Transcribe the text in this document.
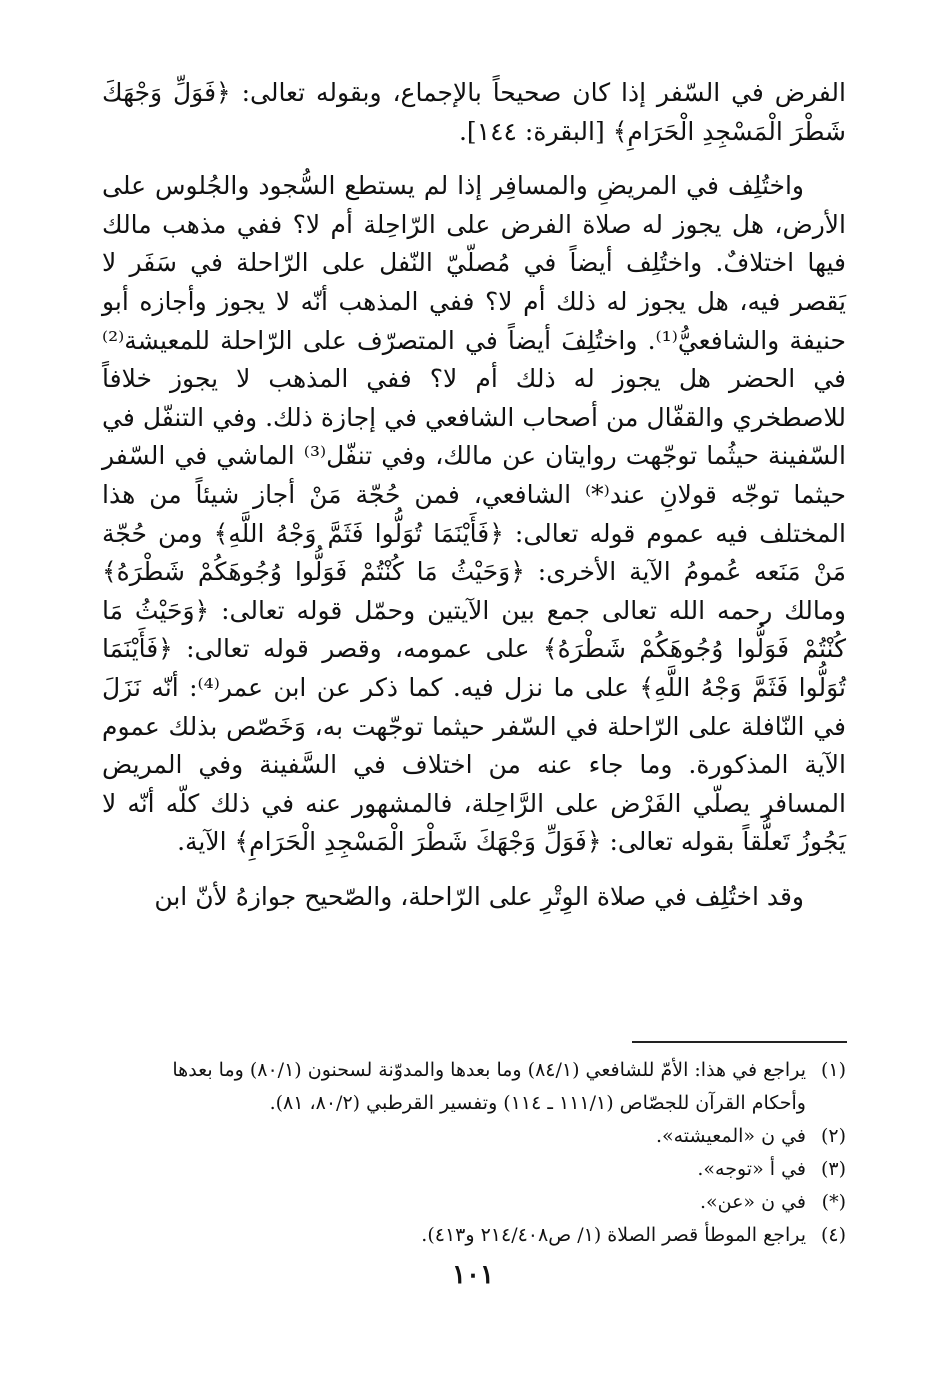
الفرض في السّفر إذا كان صحيحاً بالإجماع، وبقوله تعالى: ﴿فَوَلِّ وَجْهَكَ شَطْرَ الْمَسْجِدِ الْحَرَامِ﴾ [البقرة: ١٤٤].

واختُلِف في المريضِ والمسافِر إذا لم يستطع السُّجود والجُلوس على الأرض، هل يجوز له صلاة الفرض على الرّاحِلة أم لا؟ ففي مذهب مالك فيها اختلافٌ. واختُلِف أيضاً في مُصلّيّ النّفل على الرّاحلة في سَفَر لا يَقصر فيه، هل يجوز له ذلك أم لا؟ ففي المذهب أنّه لا يجوز وأجازه أبو حنيفة والشافعيُّ⁽¹⁾. واختُلِفَ أيضاً في المتصرّف على الرّاحلة للمعيشة⁽²⁾ في الحضر هل يجوز له ذلك أم لا؟ ففي المذهب لا يجوز خلافاً للاصطخري والقفّال من أصحاب الشافعي في إجازة ذلك. وفي التنفّل في السّفينة حيثُما توجّهت روايتان عن مالك، وفي تنفّل⁽³⁾ الماشي في السّفر حيثما توجّه قولانِ عند⁽*⁾ الشافعي، فمن حُجّة مَنْ أجاز شيئاً من هذا المختلف فيه عموم قوله تعالى: ﴿فَأَيْنَمَا تُوَلُّوا فَثَمَّ وَجْهُ اللَّهِ﴾ ومن حُجّة مَنْ مَنَعه عُمومُ الآية الأخرى: ﴿وَحَيْثُ مَا كُنْتُمْ فَوَلُّوا وُجُوهَكُمْ شَطْرَهُ﴾ ومالك رحمه الله تعالى جمع بين الآيتين وحمّل قوله تعالى: ﴿وَحَيْثُ مَا كُنْتُمْ فَوَلُّوا وُجُوهَكُمْ شَطْرَهُ﴾ على عمومه، وقصر قوله تعالى: ﴿فَأَيْنَمَا تُوَلُّوا فَثَمَّ وَجْهُ اللَّهِ﴾ على ما نزل فيه. كما ذكر عن ابن عمر⁽⁴⁾: أنّه نَزَلَ في النّافلة على الرّاحلة في السّفر حيثما توجّهت به، وَخَصّص بذلك عموم الآية المذكورة. وما جاء عنه من اختلاف في السَّفينة وفي المريض المسافر يصلّي الفَرْض على الرَّاحِلة، فالمشهور عنه في ذلك كلّه أنّه لا يَجُوزُ تَعلُّقاً بقوله تعالى: ﴿فَوَلِّ وَجْهَكَ شَطْرَ الْمَسْجِدِ الْحَرَامِ﴾ الآية.

وقد اختُلِف في صلاة الوِتْرِ على الرّاحلة، والصّحيح جوازهُ لأنّ ابن

(١)
يراجع في هذا: الأمّ للشافعي (٨٤/١) وما بعدها والمدوّنة لسحنون (٨٠/١) وما بعدها
وأحكام القرآن للجصّاص (١١١/١ ـ ١١٤) وتفسير القرطبي (٨٠/٢، ٨١).
(٢)
في ن «المعيشته».
(٣)
في أ «توجه».
(*)
في ن «عن».
(٤)
يراجع الموطأ قصر الصلاة (١/ ص٢١٤/٤٠٨ و٤١٣).
١٠١
